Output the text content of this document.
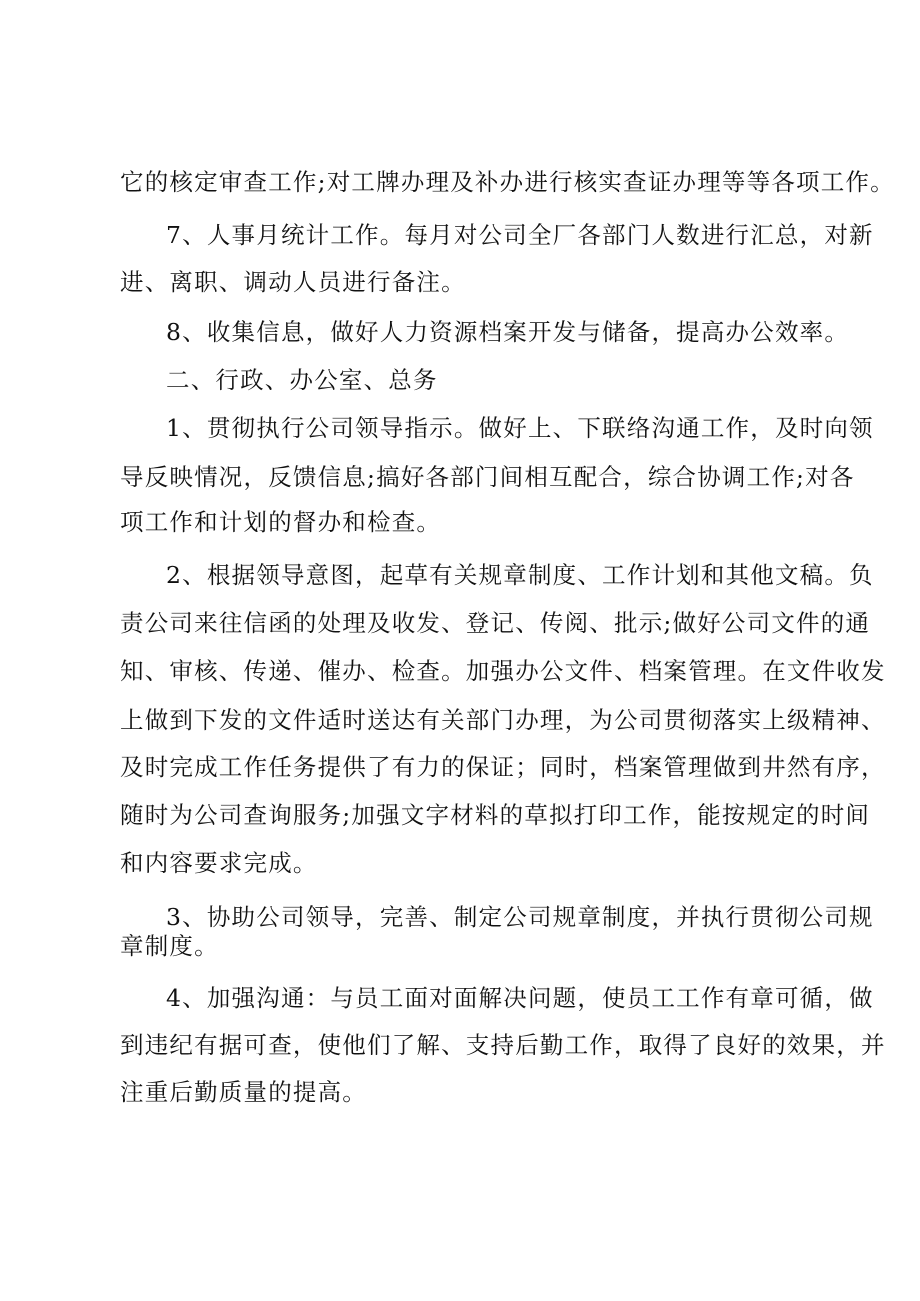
它的核定审查工作;对工牌办理及补办进行核实查证办理等等各项工作。

7、人事月统计工作。每月对公司全厂各部门人数进行汇总，对新

进、离职、调动人员进行备注。

8、收集信息，做好人力资源档案开发与储备，提高办公效率。

二、行政、办公室、总务

1、贯彻执行公司领导指示。做好上、下联络沟通工作，及时向领

导反映情况，反馈信息;搞好各部门间相互配合，综合协调工作;对各

项工作和计划的督办和检查。

2、根据领导意图，起草有关规章制度、工作计划和其他文稿。负

责公司来往信函的处理及收发、登记、传阅、批示;做好公司文件的通

知、审核、传递、催办、检查。加强办公文件、档案管理。在文件收发

上做到下发的文件适时送达有关部门办理，为公司贯彻落实上级精神、

及时完成工作任务提供了有力的保证；同时，档案管理做到井然有序，

随时为公司查询服务;加强文字材料的草拟打印工作，能按规定的时间

和内容要求完成。

3、协助公司领导，完善、制定公司规章制度，并执行贯彻公司规

章制度。

4、加强沟通：与员工面对面解决问题，使员工工作有章可循，做

到违纪有据可查，使他们了解、支持后勤工作，取得了良好的效果，并

注重后勤质量的提高。
